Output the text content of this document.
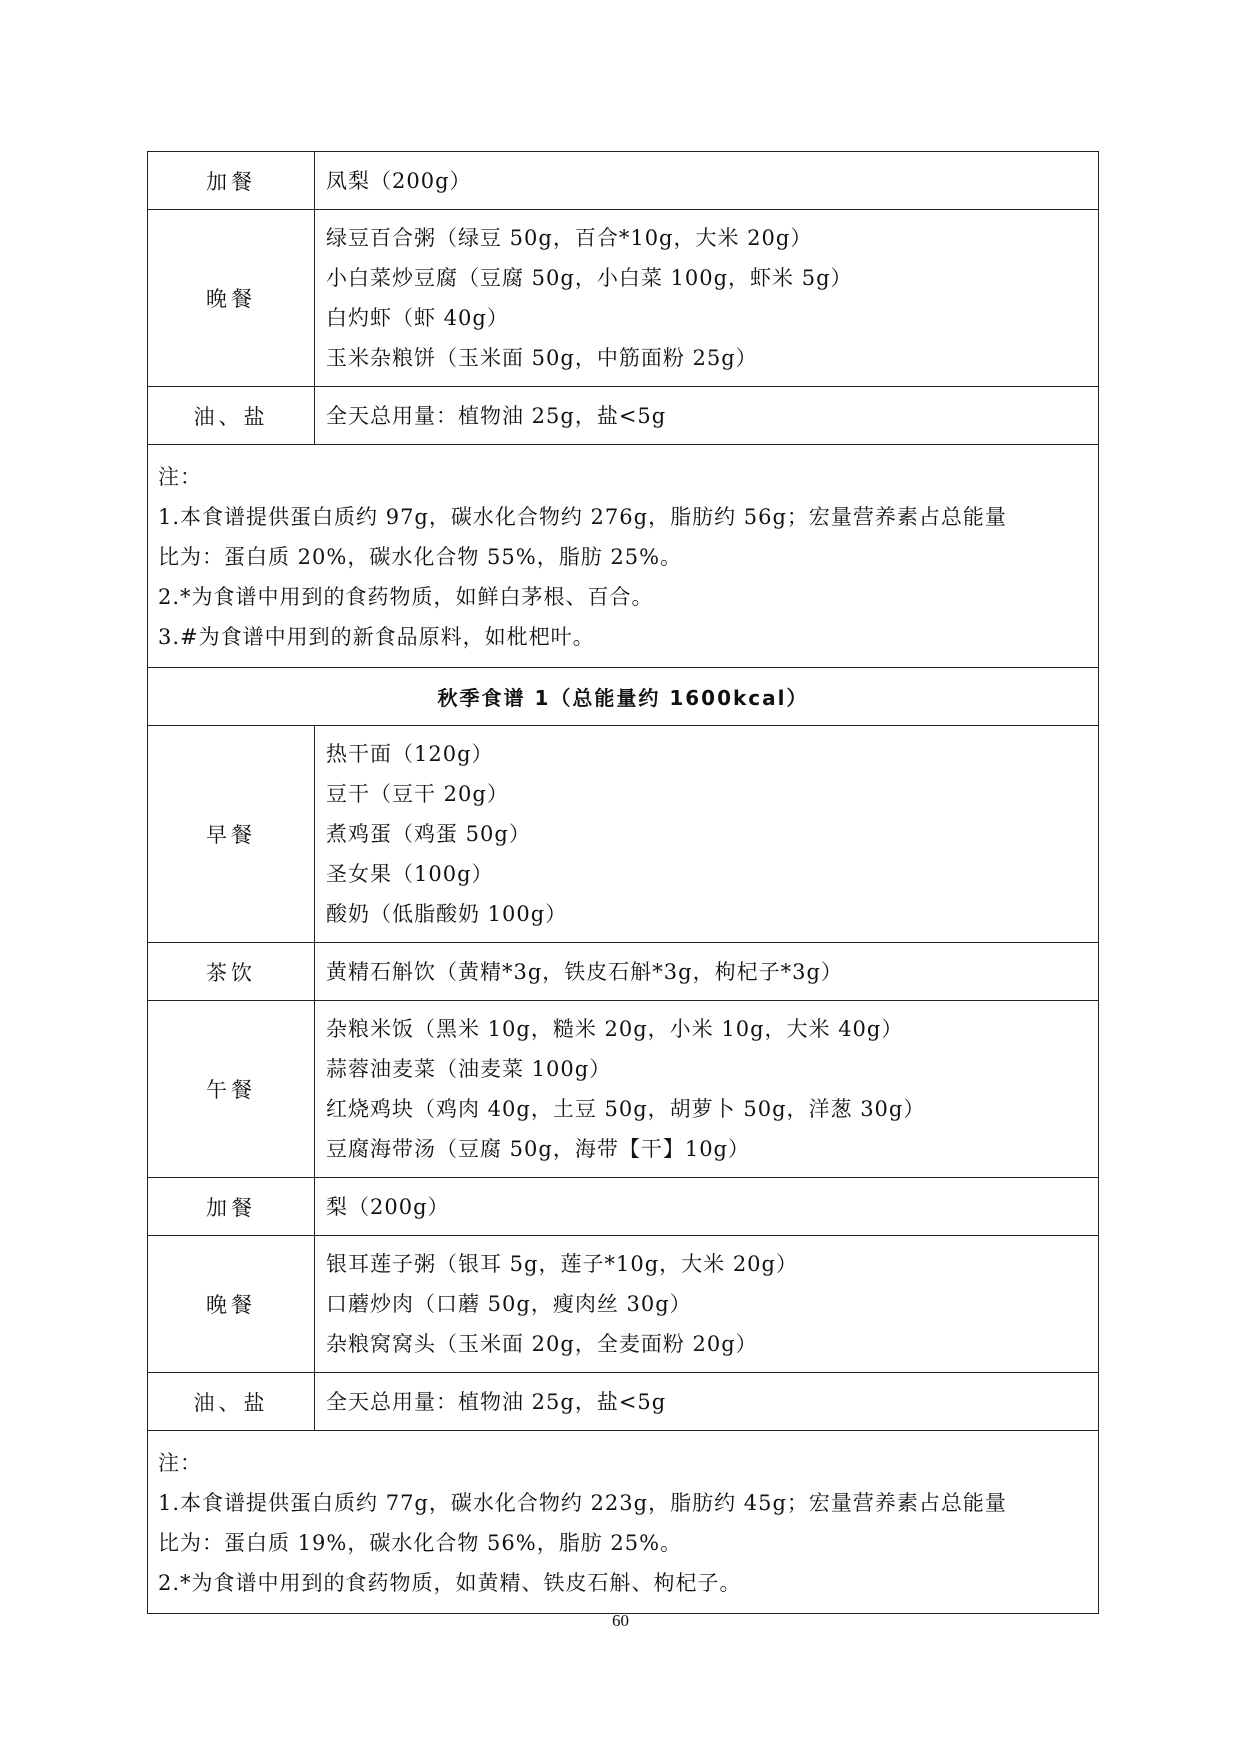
加餐	凤梨（200g）

晚餐	绿豆百合粥（绿豆 50g，百合*10g，大米 20g）
小白菜炒豆腐（豆腐 50g，小白菜 100g，虾米 5g）
白灼虾（虾 40g）
玉米杂粮饼（玉米面 50g，中筋面粉 25g）

油、盐	全天总用量：植物油 25g，盐<5g

注：
1.本食谱提供蛋白质约 97g，碳水化合物约 276g，脂肪约 56g；宏量营养素占总能量
比为：蛋白质 20%，碳水化合物 55%，脂肪 25%。
2.*为食谱中用到的食药物质，如鲜白茅根、百合。
3.#为食谱中用到的新食品原料，如枇杷叶。	

秋季食谱 1（总能量约 1600kcal）	
早餐	热干面（120g）
豆干（豆干 20g）
煮鸡蛋（鸡蛋 50g）
圣女果（100g）
酸奶（低脂酸奶 100g）

茶饮	黄精石斛饮（黄精*3g，铁皮石斛*3g，枸杞子*3g）

午餐	杂粮米饭（黑米 10g，糙米 20g，小米 10g，大米 40g）
蒜蓉油麦菜（油麦菜 100g）
红烧鸡块（鸡肉 40g，土豆 50g，胡萝卜 50g，洋葱 30g）
豆腐海带汤（豆腐 50g，海带【干】10g）

加餐	梨（200g）

晚餐	银耳莲子粥（银耳 5g，莲子*10g，大米 20g）
口蘑炒肉（口蘑 50g，瘦肉丝 30g）
杂粮窝窝头（玉米面 20g，全麦面粉 20g）

油、盐	全天总用量：植物油 25g，盐<5g

注：
1.本食谱提供蛋白质约 77g，碳水化合物约 223g，脂肪约 45g；宏量营养素占总能量
比为：蛋白质 19%，碳水化合物 56%，脂肪 25%。
2.*为食谱中用到的食药物质，如黄精、铁皮石斛、枸杞子。	
60
